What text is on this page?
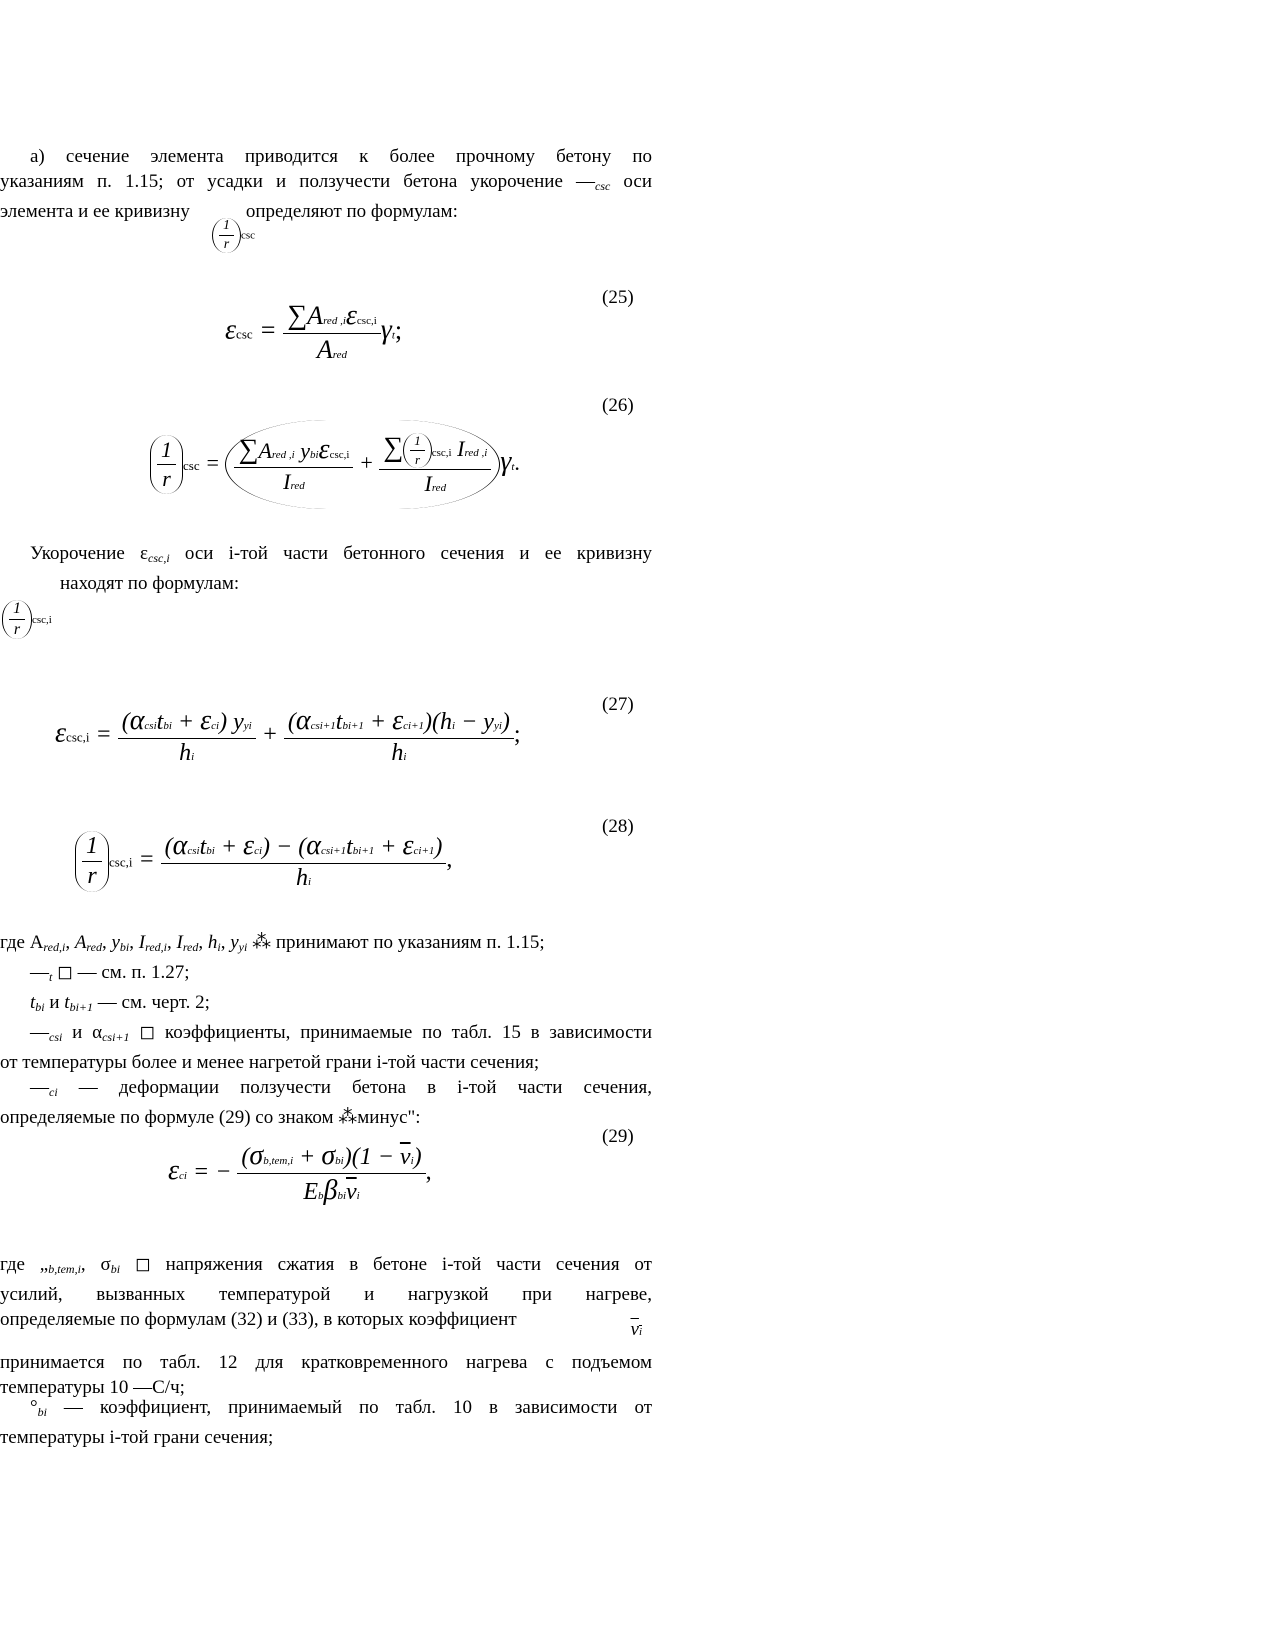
а) сечение элемента приводится к более прочному бетону по
указаниям п. 1.15; от усадки и ползучести бетона укорочение $—_{csc}$ оси
элемента и ее кривизну	определяют по формулам:
$\frac{1}{r}$ csc
(25)
$\varepsilon\csc = \frac{\text{∑Ared ,iεcsc,i}}{\text{Ared}} \gamma t$;
(26)
$\frac{1}{r}$ $\csc = \frac{\text{∑Ared ,i ybiεcsc,i}}{\text{Ired}} + \frac{\sum \frac{1}{r} \csc,i Ired ,i}{\text{Ired}} \gamma t$.
Укорочение $\varepsilon_{csc,i}$ оси i-той части бетонного сечения и ее кривизну
находят по формулам:
$\frac{1}{r} \csc,i$
(27)
$\varepsilon\csc,i = \frac{\text{(αcsitbi + εci) yyi}}{hi} + \frac{\text{(αcsi+1tbi+1 + εci+1)(hi − yyi)}}{hi}$ ;
(28)
$\frac{1}{r} \csc,i = \frac{\text{(αcsitbi + εci) − (αcsi+1tbi+1 + εci+1)}}{hi}$ ,
где $A_{red,i}$, $A_{red}$, $y_{bi}$, $I_{red,i}$, $I_{red}$, $h_i$, $y_{yi}$ ⁂ принимают по указаниям п. 1.15;
$—_t$ ◻ — см. п. 1.27;
$t_{bi}$ и $t_{bi+1}$ — см. черт. 2;
$—_{csi}$ и $\alpha_{csi+1}$ ◻ коэффициенты, принимаемые по табл. 15 в зависимости
от температуры более и менее нагретой грани i-той части сечения;
$—_{ci}$ — деформации ползучести бетона в i-той части сечения,
определяемые по формуле (29) со знаком ⁂минус":
(29)
εci = − $\frac{(\sigma b,tem,i + \sigma bi)(1 - \overline{\nu}i)}{Eb\beta bi\overline{\nu}i}$ ,
где $„_{b,tem,i}$, $\sigma_{bi}$ ◻ напряжения сжатия в бетоне i-той части сечения от
усилий, вызванных температурой и нагрузкой при нагреве,
определяемые по формулам (32) и (33), в которых коэффициент	νi
принимается по табл. 12 для кратковременного нагрева с подъемом
температуры 10 —С/ч;
$^\circ_{bi}$ — коэффициент, принимаемый по табл. 10 в зависимости от
температуры i-той грани сечения;
